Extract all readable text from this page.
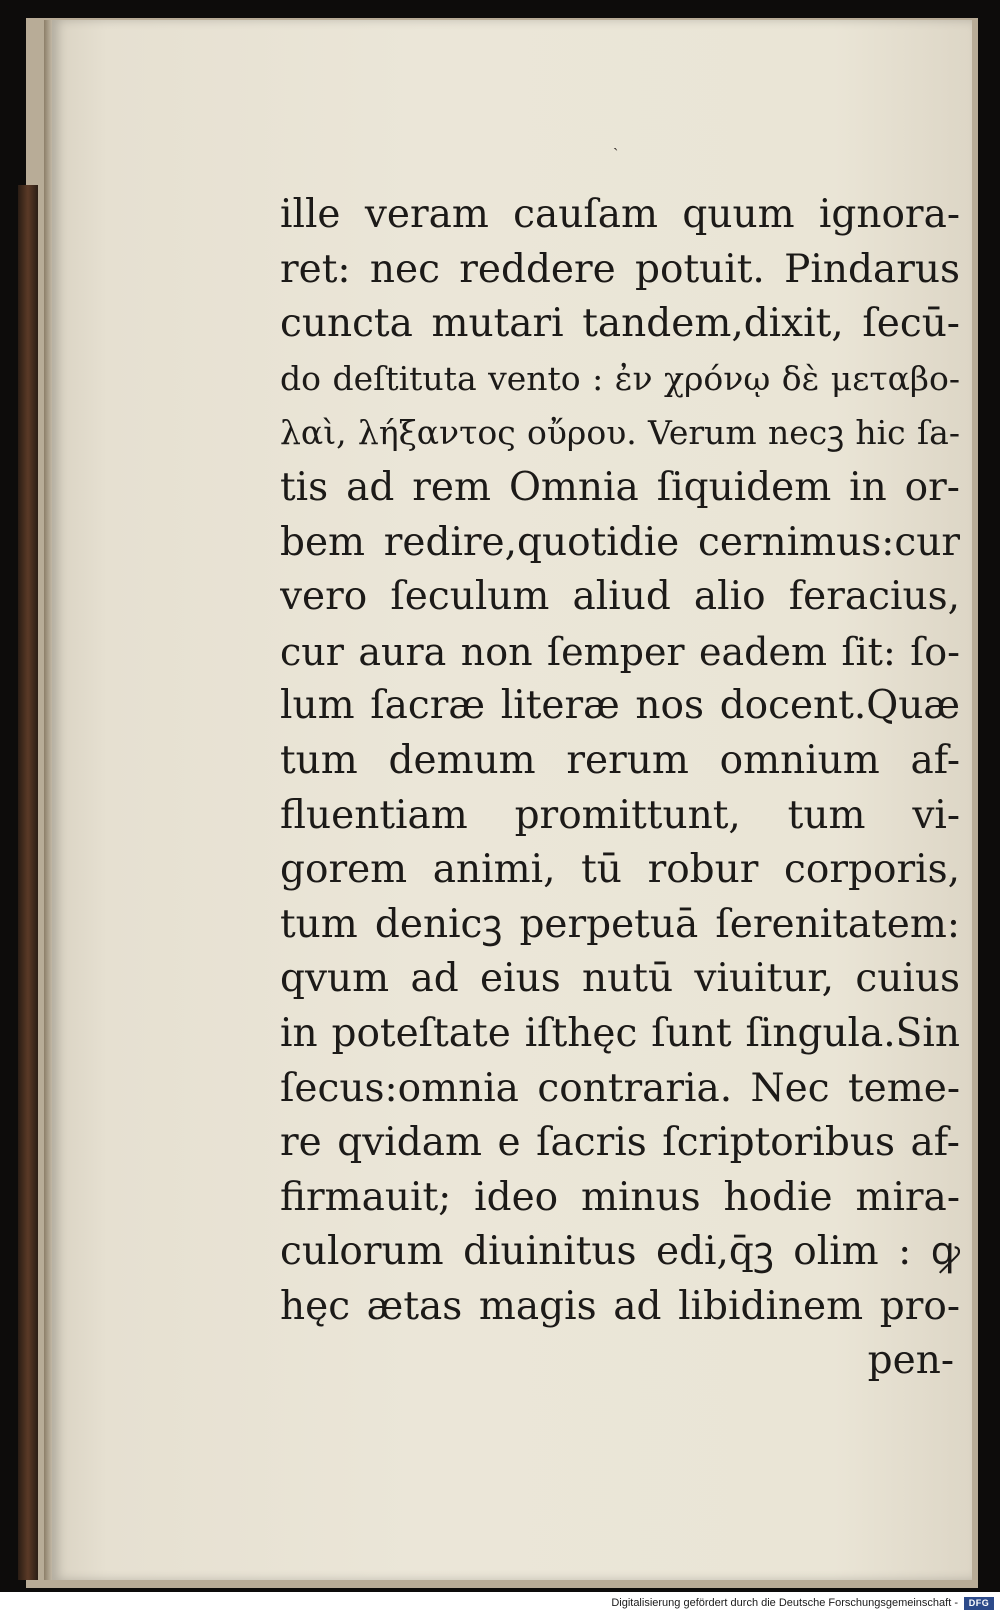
ˏ
ille veram cauſam quum ignora-
ret: nec reddere potuit. Pindarus
cuncta mutari tandem,dixit, ſecū-
do deſtituta vento : ἐν χρόνῳ δὲ μεταβο-
λαὶ, λήξαντος οὔρου. Verum necꝫ hic ſa-
tis ad rem Omnia ſiquidem in or-
bem redire,quotidie cernimus:cur
vero ſeculum aliud alio feracius,
cur aura non ſemper eadem ſit: ſo-
lum ſacræ literæ nos docent.Quæ
tum demum rerum omnium af-
fluentiam promittunt, tum vi-
gorem animi, tū robur corporis,
tum denicꝫ perpetuā ſerenitatem:
qvum ad eius nutū viuitur, cuius
in poteſtate iſthęc ſunt ſingula.Sin
ſecus:omnia contraria. Nec teme-
re qvidam e ſacris ſcriptoribus af-
firmauit; ideo minus hodie mira-
culorum diuinitus edi,q̄ꝫ olim : ꝙ
hęc ætas magis ad libidinem pro-
pen-
Digitalisierung gefördert durch die Deutsche Forschungsgemeinschaft -	DFG
